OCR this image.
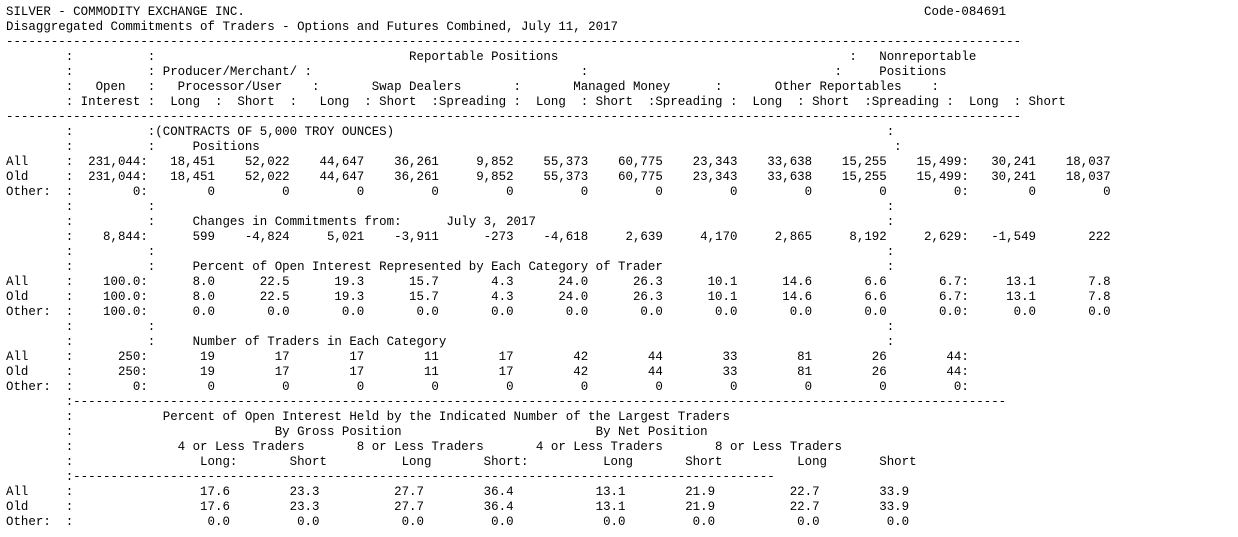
SILVER - COMMODITY EXCHANGE INC.                                                                                           Code-084691
Disaggregated Commitments of Traders - Options and Futures Combined, July 11, 2017
----------------------------------------------------------------------------------------------------------------------------------------
:          :                                  Reportable Positions                                       :   Nonreportable
:          : Producer/Merchant/ :                                    :                                 :     Positions
:   Open   :   Processor/User    :       Swap Dealers       :       Managed Money      :       Other Reportables    :
: Interest :  Long  :  Short  :   Long  : Short  :Spreading :  Long  : Short  :Spreading :  Long  : Short  :Spreading :  Long  : Short
----------------------------------------------------------------------------------------------------------------------------------------
:          :(CONTRACTS OF 5,000 TROY OUNCES)                                                                  :
:          :     Positions                                                                                     :
All     :  231,044:   18,451    52,022    44,647    36,261     9,852    55,373    60,775    23,343    33,638    15,255    15,499:   30,241    18,037
Old     :  231,044:   18,451    52,022    44,647    36,261     9,852    55,373    60,775    23,343    33,638    15,255    15,499:   30,241    18,037
Other:  :        0:        0         0         0         0         0         0         0         0         0         0         0:        0         0
:          :                                                                                                  :
:          :     Changes in Commitments from:      July 3, 2017                                               :
:    8,844:      599    -4,824     5,021    -3,911      -273    -4,618     2,639     4,170     2,865     8,192     2,629:   -1,549       222
:          :                                                                                                  :
:          :     Percent of Open Interest Represented by Each Category of Trader                              :
All     :    100.0:      8.0      22.5      19.3      15.7       4.3      24.0      26.3      10.1      14.6       6.6       6.7:     13.1       7.8
Old     :    100.0:      8.0      22.5      19.3      15.7       4.3      24.0      26.3      10.1      14.6       6.6       6.7:     13.1       7.8
Other:  :    100.0:      0.0       0.0       0.0       0.0       0.0       0.0       0.0       0.0       0.0       0.0       0.0:      0.0       0.0
:          :                                                                                                  :
:          :     Number of Traders in Each Category                                                           :
All     :      250:       19        17        17        11        17        42        44        33        81        26        44:
Old     :      250:       19        17        17        11        17        42        44        33        81        26        44:
Other:  :        0:        0         0         0         0         0         0         0         0         0         0         0:
:-----------------------------------------------------------------------------------------------------------------------------
:            Percent of Open Interest Held by the Indicated Number of the Largest Traders
:                           By Gross Position                          By Net Position
:              4 or Less Traders       8 or Less Traders       4 or Less Traders       8 or Less Traders
:                 Long:       Short          Long       Short:          Long       Short          Long       Short
:----------------------------------------------------------------------------------------------
All     :                 17.6        23.3          27.7        36.4           13.1        21.9          22.7        33.9
Old     :                 17.6        23.3          27.7        36.4           13.1        21.9          22.7        33.9
Other:  :                  0.0         0.0           0.0         0.0            0.0         0.0           0.0         0.0
